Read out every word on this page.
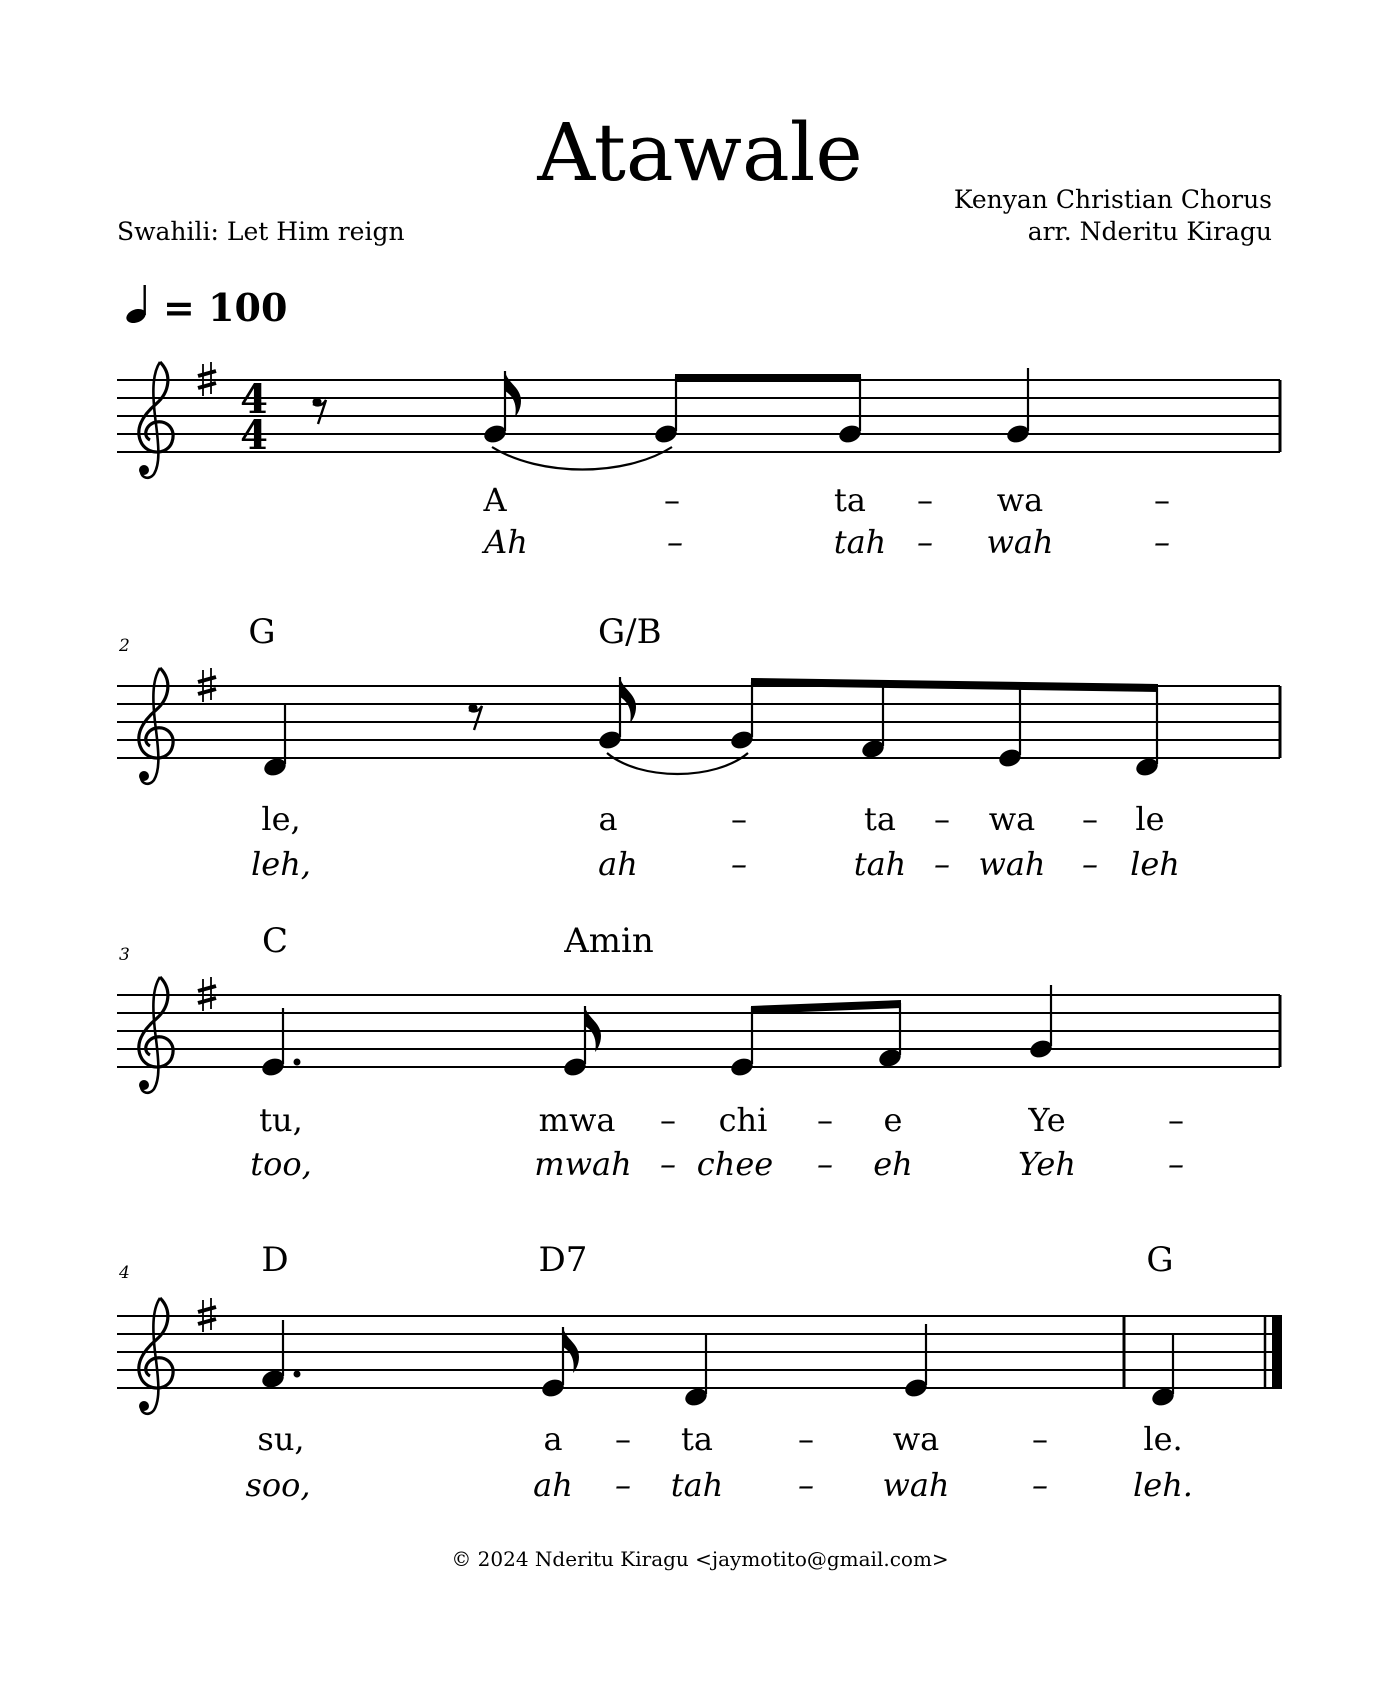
Atawale
Swahili: Let Him reign
Kenyan Christian Chorus
arr. Nderitu Kiragu
= 100
4
4
A	–	ta – wa	–
Ah	–	tah – wah	–
2	G	G/B
le,	a	–	ta – wa – le
leh,	ah	–	tah – wah – leh
3	C	Amin
tu,	mwa – chi – e	Ye	–
too,	mwah – chee – eh	Yeh	–
4	D	D7	G
su,	a – ta	– wa	–	le.
soo,	ah – tah – wah	–	leh.
© 2024 Nderitu Kiragu <jaymotito@gmail.com>
